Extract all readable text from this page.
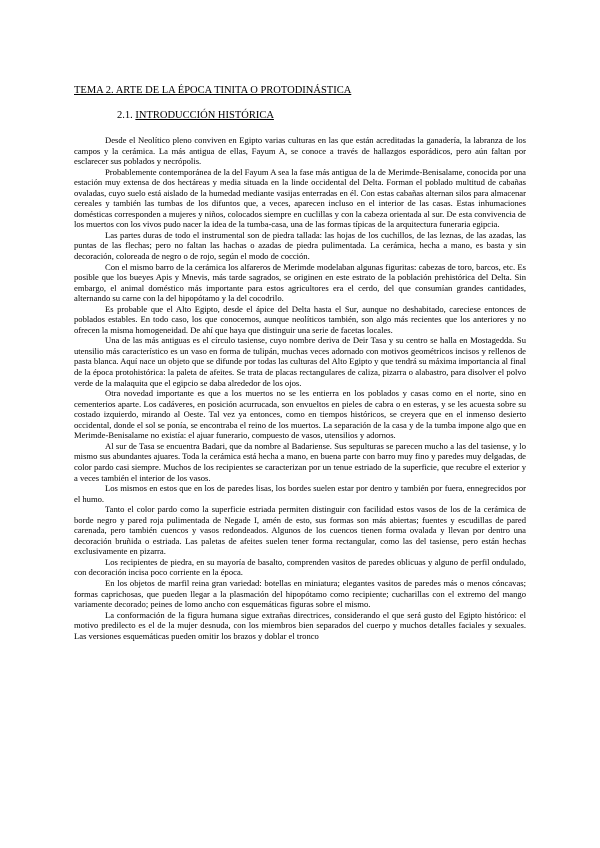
TEMA 2. ARTE DE LA ÉPOCA TINITA O PROTODINÁSTICA
2.1. INTRODUCCIÓN HISTÓRICA

Desde el Neolítico pleno conviven en Egipto varias culturas en las que están acreditadas la ganadería, la labranza de los campos y la cerámica. La más antigua de ellas, Fayum A, se conoce a través de hallazgos esporádicos, pero aún faltan por esclarecer sus poblados y necrópolis.

Probablemente contemporánea de la del Fayum A sea la fase más antigua de la de Merimde-Benisalame, conocida por una estación muy extensa de dos hectáreas y media situada en la linde occidental del Delta. Forman el poblado multitud de cabañas ovaladas, cuyo suelo está aislado de la humedad mediante vasijas enterradas en él. Con estas cabañas alternan silos para almacenar cereales y también las tumbas de los difuntos que, a veces, aparecen incluso en el interior de las casas. Estas inhumaciones domésticas corresponden a mujeres y niños, colocados siempre en cuclillas y con la cabeza orientada al sur. De esta convivencia de los muertos con los vivos pudo nacer la idea de la tumba-casa, una de las formas típicas de la arquitectura funeraria egipcia.

Las partes duras de todo el instrumental son de piedra tallada: las hojas de los cuchillos, de las leznas, de las azadas, las puntas de las flechas; pero no faltan las hachas o azadas de piedra pulimentada. La cerámica, hecha a mano, es basta y sin decoración, coloreada de negro o de rojo, según el modo de cocción.

Con el mismo barro de la cerámica los alfareros de Merimde modelaban algunas figuritas: cabezas de toro, barcos, etc. Es posible que los bueyes Apis y Mnevis, más tarde sagrados, se originen en este estrato de la población prehistórica del Delta. Sin embargo, el animal doméstico más importante para estos agricultores era el cerdo, del que consumían grandes cantidades, alternando su carne con la del hipopótamo y la del cocodrilo.

Es probable que el Alto Egipto, desde el ápice del Delta hasta el Sur, aunque no deshabitado, careciese entonces de poblados estables. En todo caso, los que conocemos, aunque neolíticos también, son algo más recientes que los anteriores y no ofrecen la misma homogeneidad. De ahí que haya que distinguir una serie de facetas locales.

Una de las más antiguas es el círculo tasiense, cuyo nombre deriva de Deir Tasa y su centro se halla en Mostagedda. Su utensilio más característico es un vaso en forma de tulipán, muchas veces adornado con motivos geométricos incisos y rellenos de pasta blanca. Aquí nace un objeto que se difunde por todas las culturas del Alto Egipto y que tendrá su máxima importancia al final de la época protohistórica: la paleta de afeites. Se trata de placas rectangulares de caliza, pizarra o alabastro, para disolver el polvo verde de la malaquita que el egipcio se daba alrededor de los ojos.

Otra novedad importante es que a los muertos no se les entierra en los poblados y casas como en el norte, sino en cementerios aparte. Los cadáveres, en posición acurrucada, son envueltos en pieles de cabra o en esteras, y se les acuesta sobre su costado izquierdo, mirando al Oeste. Tal vez ya entonces, como en tiempos históricos, se creyera que en el inmenso desierto occidental, donde el sol se ponía, se encontraba el reino de los muertos. La separación de la casa y de la tumba impone algo que en Merimde-Benisalame no existía: el ajuar funerario, compuesto de vasos, utensilios y adornos.

Al sur de Tasa se encuentra Badari, que da nombre al Badariense. Sus sepulturas se parecen mucho a las del tasiense, y lo mismo sus abundantes ajuares. Toda la cerámica está hecha a mano, en buena parte con barro muy fino y paredes muy delgadas, de color pardo casi siempre. Muchos de los recipientes se caracterizan por un tenue estriado de la superficie, que recubre el exterior y a veces también el interior de los vasos.

Los mismos en estos que en los de paredes lisas, los bordes suelen estar por dentro y también por fuera, ennegrecidos por el humo.

Tanto el color pardo como la superficie estriada permiten distinguir con facilidad estos vasos de los de la cerámica de borde negro y pared roja pulimentada de Negade I, amén de esto, sus formas son más abiertas; fuentes y escudillas de pared carenada, pero también cuencos y vasos redondeados. Algunos de los cuencos tienen forma ovalada y llevan por dentro una decoración bruñida o estriada. Las paletas de afeites suelen tener forma rectangular, como las del tasiense, pero están hechas exclusivamente en pizarra.

Los recipientes de piedra, en su mayoría de basalto, comprenden vasitos de paredes oblicuas y alguno de perfil ondulado, con decoración incisa poco corriente en la época.

En los objetos de marfil reina gran variedad: botellas en miniatura; elegantes vasitos de paredes más o menos cóncavas; formas caprichosas, que pueden llegar a la plasmación del hipopótamo como recipiente; cucharillas con el extremo del mango variamente decorado; peines de lomo ancho con esquemáticas figuras sobre el mismo.

La conformación de la figura humana sigue extrañas directrices, considerando el que será gusto del Egipto histórico: el motivo predilecto es el de la mujer desnuda, con los miembros bien separados del cuerpo y muchos detalles faciales y sexuales. Las versiones esquemáticas pueden omitir los brazos y doblar el tronco
